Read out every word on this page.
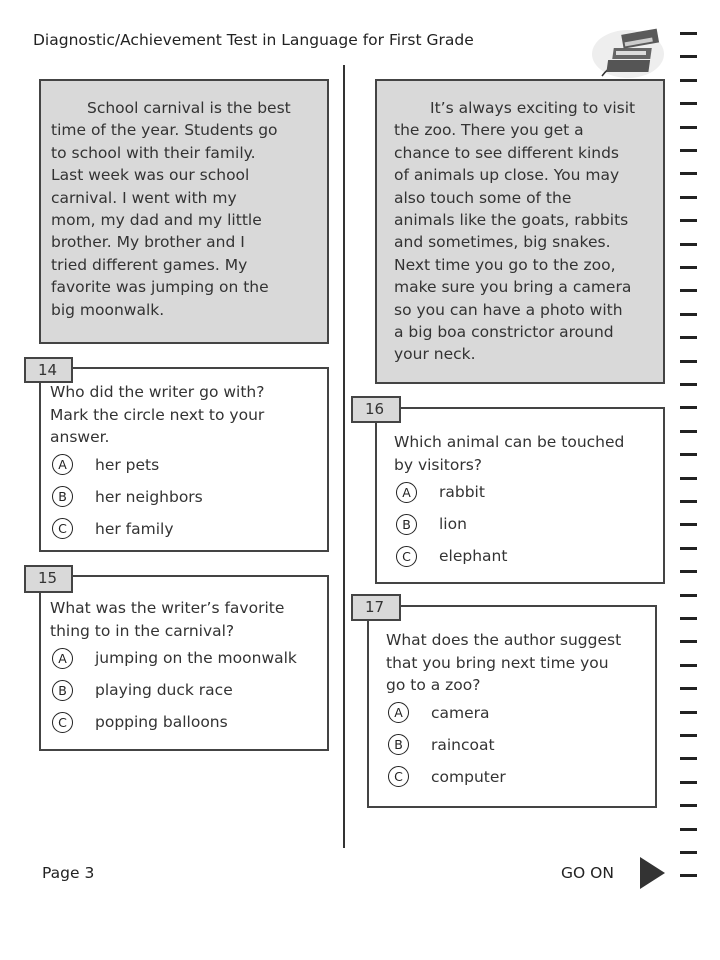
Diagnostic/Achievement Test in Language for First Grade
School carnival is the best
time of the year. Students go
to school with their family.
Last week was our school
carnival. I went with my
mom, my dad and my little
brother. My brother and I
tried different games. My
favorite was jumping on the
big moonwalk.
It’s always exciting to visit
the zoo. There you get a
chance to see different kinds
of animals up close. You may
also touch some of the
animals like the goats, rabbits
and sometimes, big snakes.
Next time you go to the zoo,
make sure you bring a camera
so you can have a photo with
a big boa constrictor around
your neck.
Who did the writer go with?
Mark the circle next to your
answer.
A	her pets
B	her neighbors
C	her family
14
What was the writer’s favorite
thing to in the carnival?
A	jumping on the moonwalk
B	playing duck race
C	popping balloons
15
Which animal can be touched
by visitors?
A	rabbit
B	lion
C	elephant
16
What does the author suggest
that you bring next time you
go to a zoo?
A	camera
B	raincoat
C	computer
17
Page 3	GO ON
